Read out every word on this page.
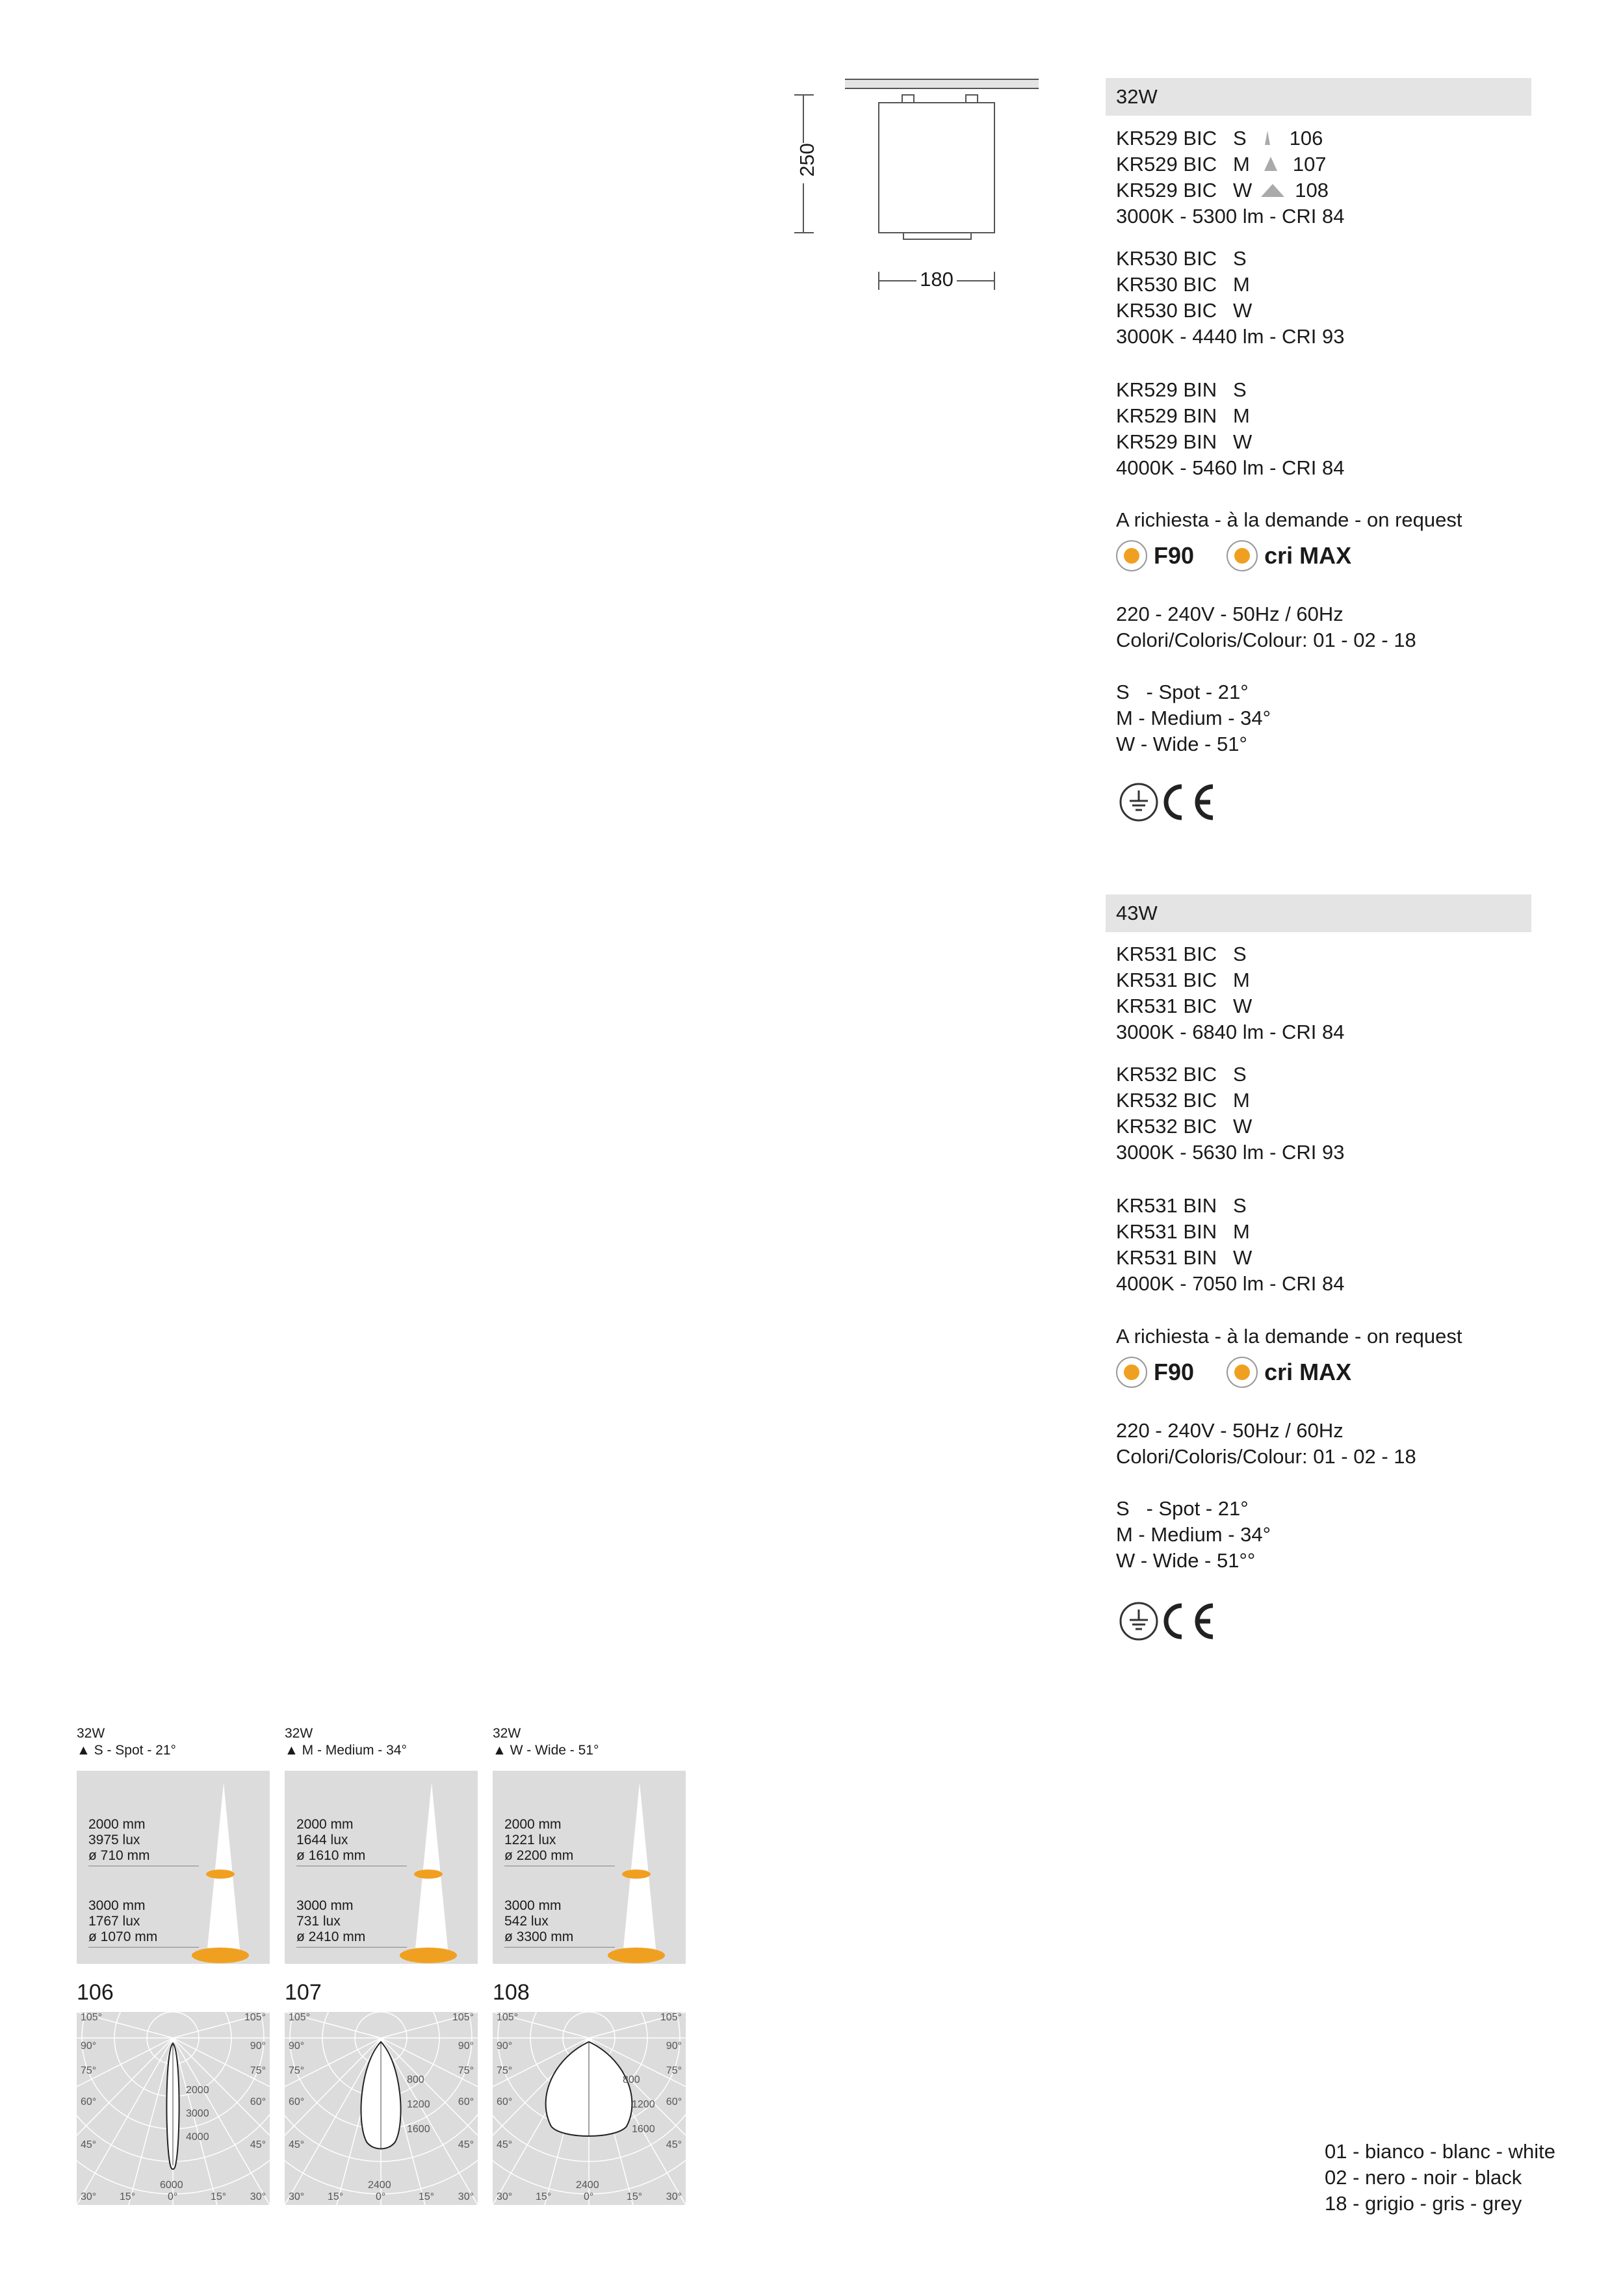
250
180
32W
KR529 BIC S 106
KR529 BIC M 107
KR529 BIC W 108
3000K - 5300 lm - CRI 84
KR530 BIC S
KR530 BIC M
KR530 BIC W
3000K - 4440 lm - CRI 93
KR529 BIN S
KR529 BIN M
KR529 BIN W
4000K - 5460 lm - CRI 84
A richiesta - à la demande - on request
F90	cri MAX
220 - 240V - 50Hz / 60Hz
Colori/Coloris/Colour: 01 - 02 - 18
S   - Spot - 21°
M - Medium - 34°
W - Wide - 51°
43W
KR531 BIC S
KR531 BIC M
KR531 BIC W
3000K - 6840 lm - CRI 84
KR532 BIC S
KR532 BIC M
KR532 BIC W
3000K - 5630 lm - CRI 93
KR531 BIN S
KR531 BIN M
KR531 BIN W
4000K - 7050 lm - CRI 84
A richiesta - à la demande - on request
F90	cri MAX
220 - 240V - 50Hz / 60Hz
Colori/Coloris/Colour: 01 - 02 - 18
S   - Spot - 21°
M - Medium - 34°
W - Wide - 51°°
32W
▲ S - Spot - 21°
2000 mm
3975 lux
ø 710 mm
3000 mm
1767 lux
ø 1070 mm
106
105°	105°
90°	90°
75°	75°
60°	60°
45°	45°
30° 15°	0°	15° 30°
2000
3000
4000
6000
32W
▲ M - Medium - 34°
2000 mm
1644 lux
ø 1610 mm
3000 mm
731 lux
ø 2410 mm
107
105°	105°
90°	90°
75°	75°
60°	60°
45°	45°
30° 15°	0°	15° 30°
800
1200
1600
2400
32W
▲ W - Wide - 51°
2000 mm
1221 lux
ø 2200 mm
3000 mm
542 lux
ø 3300 mm
108
105°	105°
90°	90°
75°	75°
60°	60°
45°	45°
30° 15°	0°	15° 30°
800
1200
1600
2400
01 - bianco - blanc - white
02 - nero - noir - black
18 - grigio - gris - grey
